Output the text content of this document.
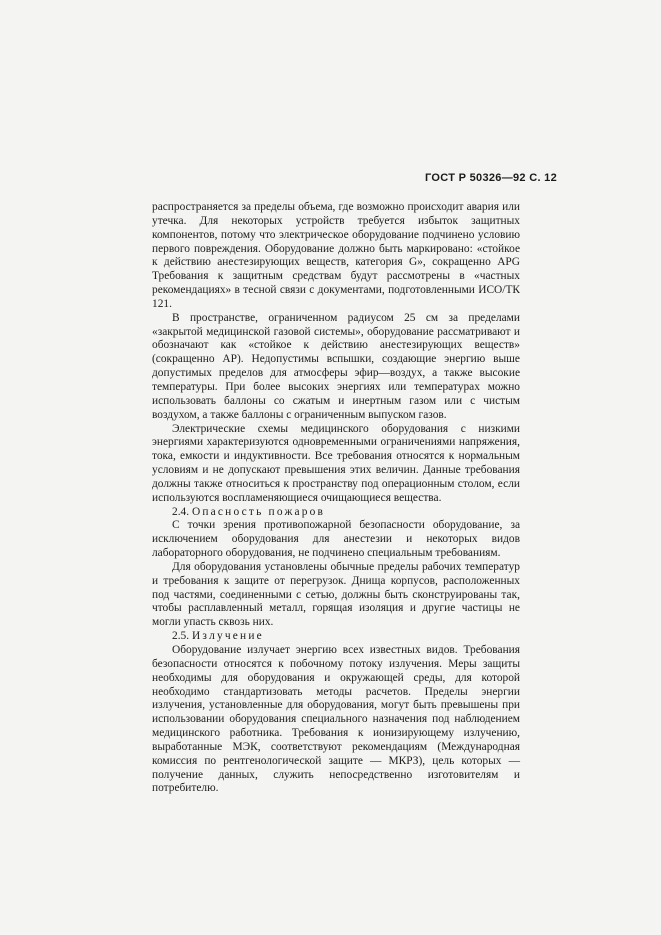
ГОСТ Р 50326—92 С. 12

распространяется за пределы объема, где возможно происходит авария или утечка. Для некоторых устройств требуется избыток защитных компонентов, потому что электрическое оборудование подчинено условию первого повреждения. Оборудование должно быть маркировано: «стойкое к действию анестезирующих веществ, категория G», сокращенно APG Требования к защитным средствам будут рассмотрены в «частных рекомендациях» в тесной связи с документами, подготовленными ИСО/ТК 121.

В пространстве, ограниченном радиусом 25 см за пределами «закрытой медицинской газовой системы», оборудование рассматривают и обозначают как «стойкое к действию анестезирующих веществ» (сокращенно AP). Недопустимы вспышки, создающие энергию выше допустимых пределов для атмосферы эфир—воздух, а также высокие температуры. При более высоких энергиях или температурах можно использовать баллоны со сжатым и инертным газом или с чистым воздухом, а также баллоны с ограниченным выпуском газов.

Электрические схемы медицинского оборудования с низкими энергиями характеризуются одновременными ограничениями напряжения, тока, емкости и индуктивности. Все требования относятся к нормальным условиям и не допускают превышения этих величин. Данные требования должны также относиться к пространству под операционным столом, если используются воспламеняющиеся очищающиеся вещества.

2.4. Опасность пожаров

С точки зрения противопожарной безопасности оборудование, за исключением оборудования для анестезии и некоторых видов лабораторного оборудования, не подчинено специальным требованиям.

Для оборудования установлены обычные пределы рабочих температур и требования к защите от перегрузок. Днища корпусов, расположенных под частями, соединенными с сетью, должны быть сконструированы так, чтобы расплавленный металл, горящая изоляция и другие частицы не могли упасть сквозь них.

2.5. Излучение

Оборудование излучает энергию всех известных видов. Требования безопасности относятся к побочному потоку излучения. Меры защиты необходимы для оборудования и окружающей среды, для которой необходимо стандартизовать методы расчетов. Пределы энергии излучения, установленные для оборудования, могут быть превышены при использовании оборудования специального назначения под наблюдением медицинского работника. Требования к ионизирующему излучению, выработанные МЭК, соответствуют рекомендациям (Международная комиссия по рентгенологической защите — МКРЗ), цель которых — получение данных, служить непосредственно изготовителям и потребителю.
